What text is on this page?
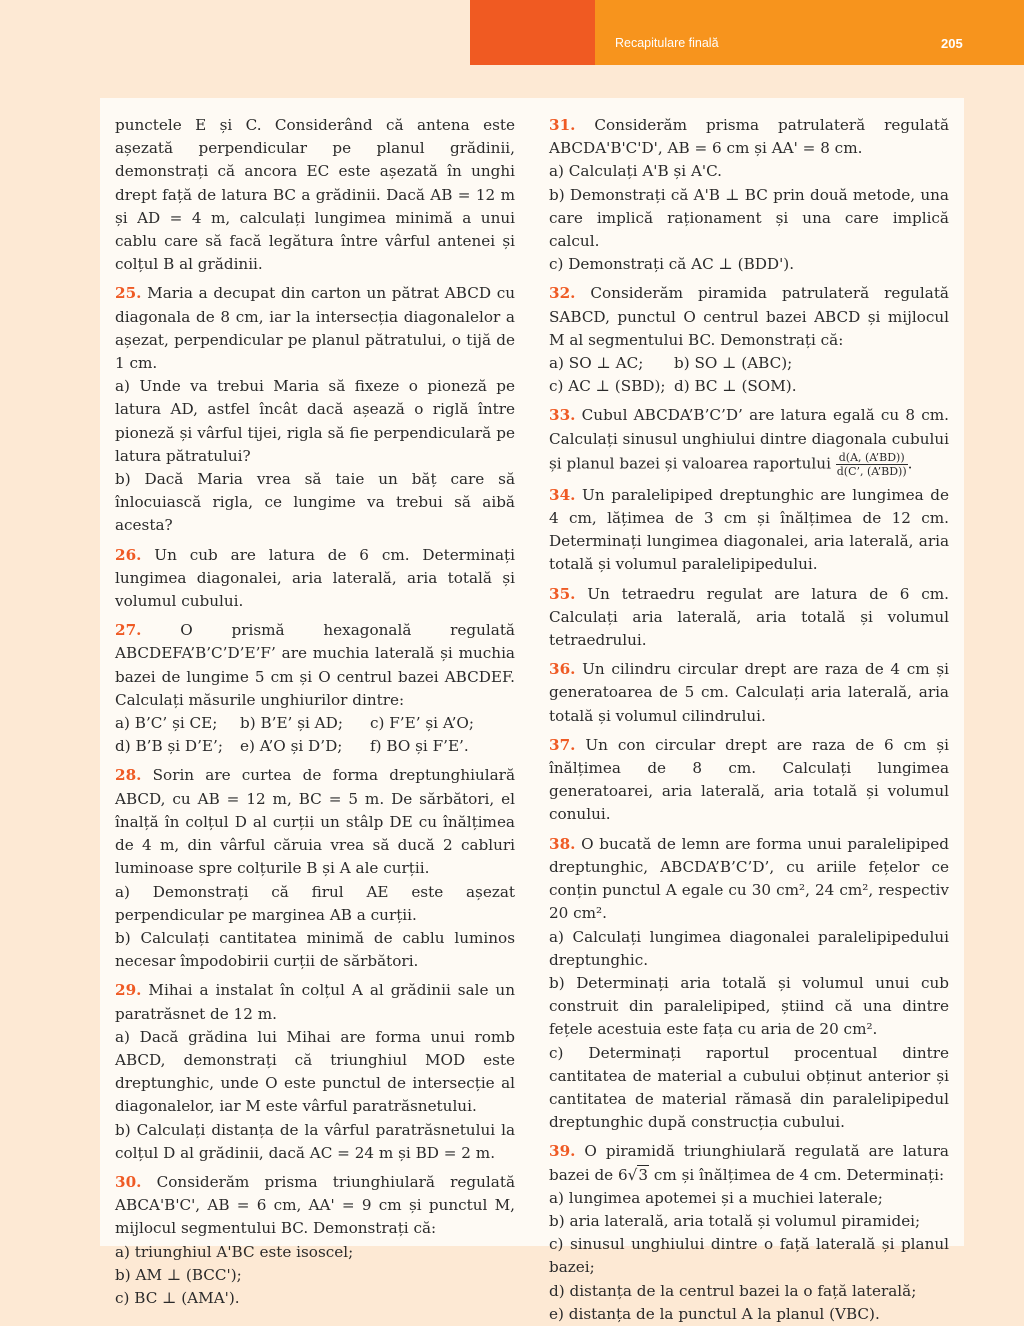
Recapitulare finală	205

punctele E și C. Considerând că antena este așezată perpendicular pe planul grădinii, demonstrați că ancora EC este așezată în unghi drept față de latura BC a grădinii. Dacă AB = 12 m și AD = 4 m, calculați lungimea minimă a unui cablu care să facă legătura între vârful antenei și colțul B al grădinii.

25. Maria a decupat din carton un pătrat ABCD cu diagonala de 8 cm, iar la intersecția diagonalelor a așezat, perpendicular pe planul pătratului, o tijă de 1 cm.

a) Unde va trebui Maria să fixeze o pioneză pe latura AD, astfel încât dacă așează o riglă între pioneză și vârful tijei, rigla să fie perpendiculară pe latura pătratului?

b) Dacă Maria vrea să taie un băț care să înlocuiască rigla, ce lungime va trebui să aibă acesta?

26. Un cub are latura de 6 cm. Determinați lungimea diagonalei, aria laterală, aria totală și volumul cubului.

27.	O prismă hexagonală regulată ABCDEFA’B’C’D’E’F’ are muchia laterală și muchia bazei de lungime 5 cm și O centrul bazei ABCDEF. Calculați măsurile unghiurilor dintre:

a) B’C’ și CE;	b) B’E’ și AD;	c) F’E’ și A’O;
d) B’B și D’E’;	e) A’O și D’D;	f) BO și F’E’.

28. Sorin are curtea de forma dreptunghiulară ABCD, cu AB = 12 m, BC = 5 m. De sărbători, el înalță în colțul D al curții un stâlp DE cu înălțimea de 4 m, din vârful căruia vrea să ducă 2 cabluri luminoase spre colțurile B și A ale curții.

a) Demonstrați că firul AE este așezat perpendicular pe marginea AB a curții.

b) Calculați cantitatea minimă de cablu luminos necesar împodobirii curții de sărbători.

29. Mihai a instalat în colțul A al grădinii sale un paratrăsnet de 12 m.

a) Dacă grădina lui Mihai are forma unui romb ABCD, demonstrați că triunghiul MOD este dreptunghic, unde O este punctul de intersecție al diagonalelor, iar M este vârful paratrăsnetului.

b) Calculați distanța de la vârful paratrăsnetului la colțul D al grădinii, dacă AC = 24 m și BD = 2 m.

30. Considerăm prisma triunghiulară regulată ABCA'B'C', AB = 6 cm, AA' = 9 cm și punctul M, mijlocul segmentului BC. Demonstrați că:

a) triunghiul A'BC este isoscel;

b) AM ⊥ (BCC');

c) BC ⊥ (AMA').

31. Considerăm prisma patrulateră regulată ABCDA'B'C'D', AB = 6 cm și AA' = 8 cm.

a) Calculați A'B și A'C.

b) Demonstrați că A'B ⊥ BC prin două metode, una care implică raționament și una care implică calcul.

c) Demonstrați că AC ⊥ (BDD').

32. Considerăm piramida patrulateră regulată SABCD, punctul O centrul bazei ABCD și mijlocul M al segmentului BC. Demonstrați că:

a) SO ⊥ AC;	b) SO ⊥ (ABC);
c) AC ⊥ (SBD); d) BC ⊥ (SOM).

33. Cubul ABCDA’B’C’D’ are latura egală cu 8 cm. Calculați sinusul unghiului dintre diagonala cubului și planul bazei și valoarea raportului $\frac{d(A, (A’BD))}{d(C’, (A’BD))}$ .

34. Un paralelipiped dreptunghic are lungimea de 4 cm, lățimea de 3 cm și înălțimea de 12 cm. Determinați lungimea diagonalei, aria laterală, aria totală și volumul paralelipipedului.

35. Un tetraedru regulat are latura de 6 cm. Calculați aria laterală, aria totală și volumul tetraedrului.

36. Un cilindru circular drept are raza de 4 cm și generatoarea de 5 cm. Calculați aria laterală, aria totală și volumul cilindrului.

37. Un con circular drept are raza de 6 cm și înălțimea de 8 cm. Calculați lungimea generatoarei, aria laterală, aria totală și volumul conului.

38. O bucată de lemn are forma unui paralelipiped dreptunghic, ABCDA’B’C’D’, cu ariile fețelor ce conțin punctul A egale cu 30 cm², 24 cm², respectiv 20 cm².

a) Calculați lungimea diagonalei paralelipipedului dreptunghic.

b) Determinați aria totală și volumul unui cub construit din paralelipiped, știind că una dintre fețele acestuia este fața cu aria de 20 cm².

c) Determinați raportul procentual dintre cantitatea de material a cubului obținut anterior și cantitatea de material rămasă din paralelipipedul dreptunghic după construcția cubului.

39. O piramidă triunghiulară regulată are latura bazei de 6√3 cm și înălțimea de 4 cm. Determinați:

a) lungimea apotemei și a muchiei laterale;

b) aria laterală, aria totală și volumul piramidei;

c) sinusul unghiului dintre o față laterală și planul bazei;

d) distanța de la centrul bazei la o față laterală;

e) distanța de la punctul A la planul (VBC).
